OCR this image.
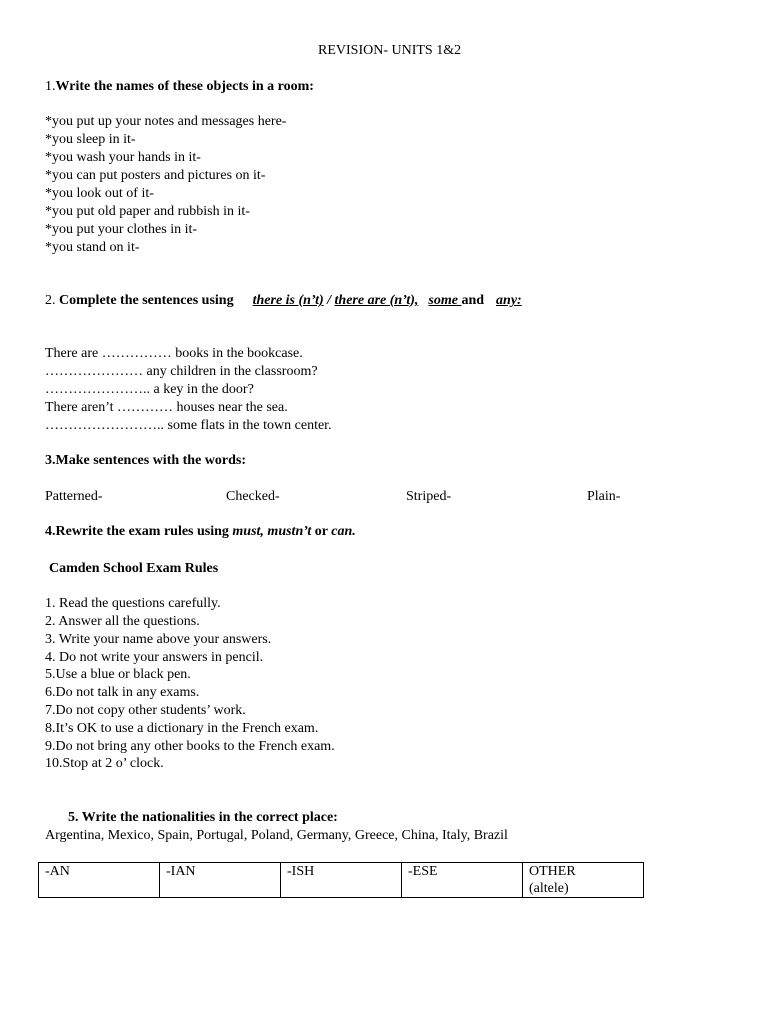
REVISION- UNITS 1&2
1.Write the names of these objects in a room:
*you put up your notes and messages here-
*you sleep in it-
*you wash your hands in it-
*you can put posters and pictures on it-
*you look out of it-
*you put old paper and rubbish in it-
*you put your clothes in it-
*you stand on it-
2. Complete the sentences using there is (n’t) / there are (n’t), some and any:
There are …………… books in the bookcase.
………………… any children in the classroom?
………………….. a key in the door?
There aren’t ………… houses near the sea.
…………………….. some flats in the town center.
3.Make sentences with the words:
Patterned-	Checked-	Striped-	Plain-
4.Rewrite the exam rules using must, mustn’t or can.
Camden School Exam Rules
1. Read the questions carefully.
2. Answer all the questions.
3. Write your name above your answers.
4. Do not write your answers in pencil.
5.Use a blue or black pen.
6.Do not talk in any exams.
7.Do not copy other students’ work.
8.It’s OK to use a dictionary in the French exam.
9.Do not bring any other books to the French exam.
10.Stop at 2 o’ clock.
5. Write the nationalities in the correct place:
Argentina, Mexico, Spain, Portugal, Poland, Germany, Greece, China, Italy, Brazil
-AN	-IAN	-ISH	-ESE	OTHER
(altele)
